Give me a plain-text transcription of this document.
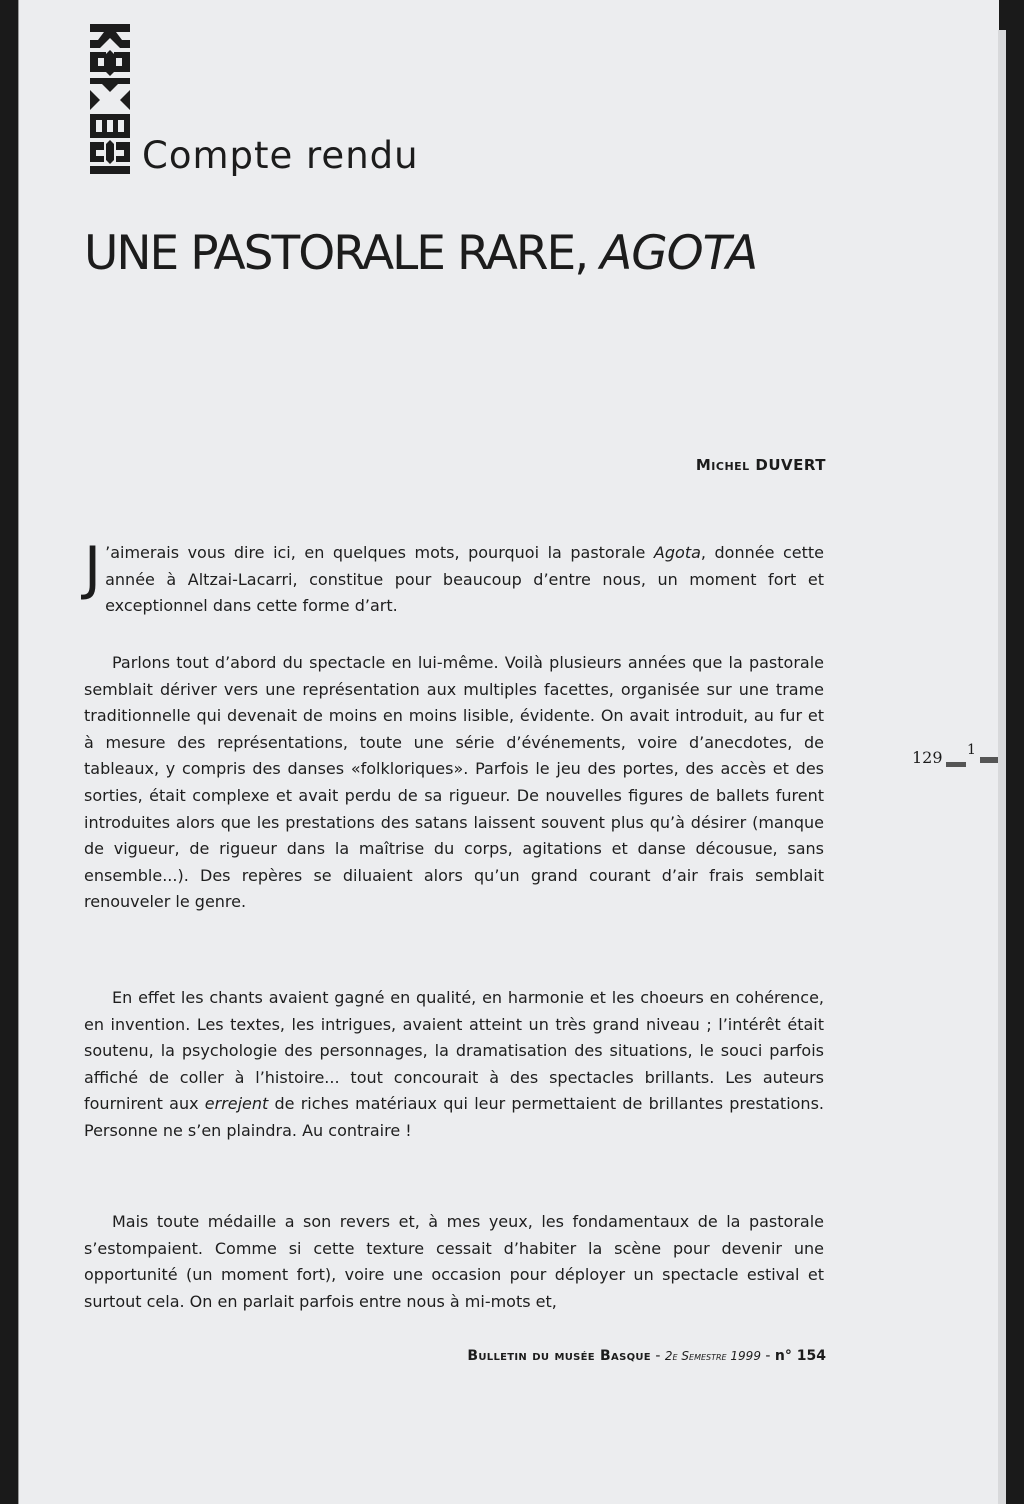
Compte rendu
UNE PASTORALE RARE, AGOTA
Michel DUVERT

J ’aimerais vous dire ici, en quelques mots, pourquoi la pastorale Agota, donnée cette année à Altzai-Lacarri, constitue pour beaucoup d’entre nous, un moment fort et exceptionnel dans cette forme d’art.

Parlons tout d’abord du spectacle en lui-même. Voilà plusieurs années que la pastorale semblait dériver vers une représentation aux multiples facettes, organisée sur une trame traditionnelle qui devenait de moins en moins lisible, évidente. On avait introduit, au fur et à mesure des représentations, toute une série d’événements, voire d’anecdotes, de tableaux, y compris des danses «folkloriques». Parfois le jeu des portes, des accès et des sorties, était complexe et avait perdu de sa rigueur. De nouvelles figures de ballets furent introduites alors que les prestations des satans laissent souvent plus qu’à désirer (manque de vigueur, de rigueur dans la maîtrise du corps, agitations et danse décousue, sans ensemble...). Des repères se diluaient alors qu’un grand courant d’air frais semblait renouveler le genre.

En effet les chants avaient gagné en qualité, en harmonie et les choeurs en cohérence, en invention. Les textes, les intrigues, avaient atteint un très grand niveau ; l’intérêt était soutenu, la psychologie des personnages, la dramatisation des situations, le souci parfois affiché de coller à l’histoire... tout concourait à des spectacles brillants. Les auteurs fournirent aux errejent de riches matériaux qui leur permettaient de brillantes prestations. Personne ne s’en plaindra. Au contraire !

Mais toute médaille a son revers et, à mes yeux, les fondamentaux de la pastorale s’estompaient. Comme si cette texture cessait d’habiter la scène pour devenir une opportunité (un moment fort), voire une occasion pour déployer un spectacle estival et surtout cela. On en parlait parfois entre nous à mi-mots et,

129 1
Bulletin du musée Basque - 2e Semestre 1999 - n° 154
